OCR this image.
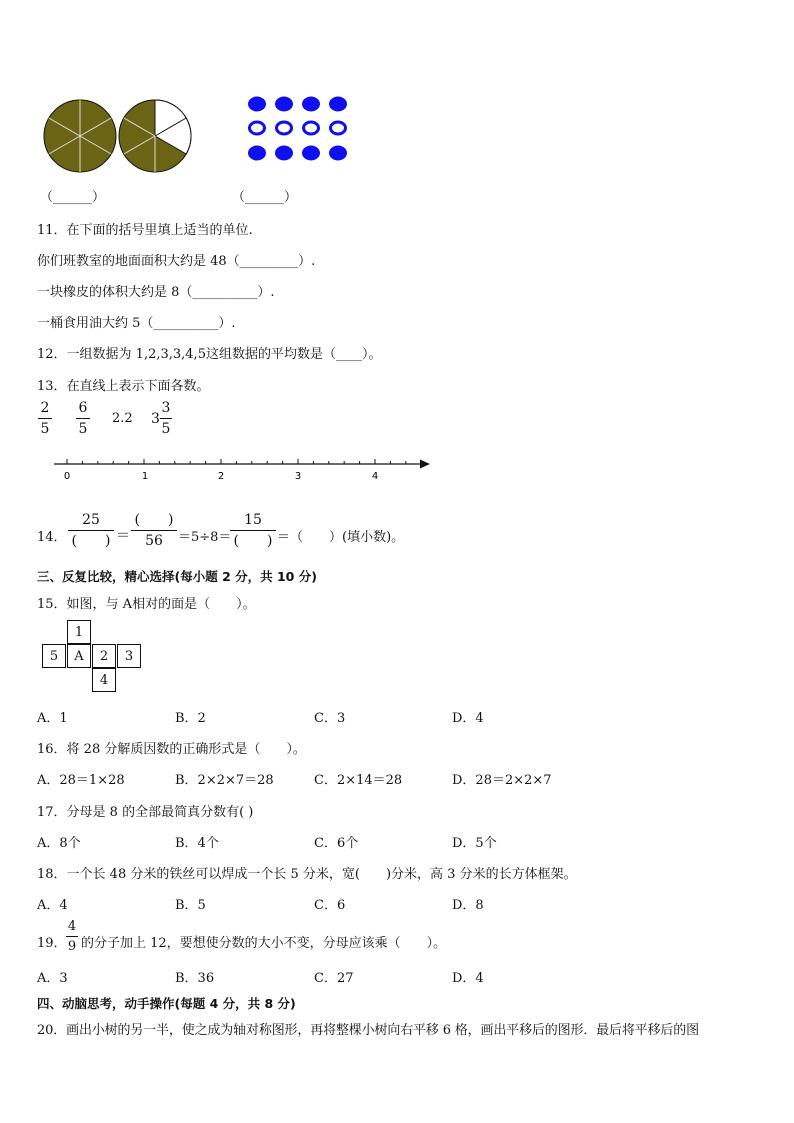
（______）	（______）
11．在下面的括号里填上适当的单位.
你们班教室的地面面积大约是 48（_________）.
一块橡皮的体积大约是 8（__________）.
一桶食用油大约 5（__________）.
12．一组数据为 1,2,3,3,4,5这组数据的平均数是（____）。
13．在直线上表示下面各数。
2
5
6
5
2.2 3
3
5
0	1	2	3	4
14．
25
(　　) ＝
(　　)
56 ＝5÷8＝
15
(　　) ＝（　　）(填小数)。
三、反复比较，精心选择(每小题 2 分，共 10 分)
15．如图，与 A相对的面是（　　）。
1
5	A	2	3
4
A．1	B．2	C．3	D．4
16．将 28 分解质因数的正确形式是（　　）。
A．28＝1×28	B．2×2×7＝28	C．2×14＝28	D．28＝2×2×7
17．分母是 8 的全部最简真分数有( )
A．8个	B．4个	C．6个	D．5个
18．一个长 48 分米的铁丝可以焊成一个长 5 分米，宽(　　)分米，高 3 分米的长方体框架。
A．4	B．5	C．6	D．8
19．
4
9 的分子加上 12，要想使分数的大小不变，分母应该乘（　　）。
A．3	B．36	C．27	D．4
四、动脑思考，动手操作(每题 4 分，共 8 分)
20．画出小树的另一半，使之成为轴对称图形，再将整棵小树向右平移 6 格，画出平移后的图形．最后将平移后的图
